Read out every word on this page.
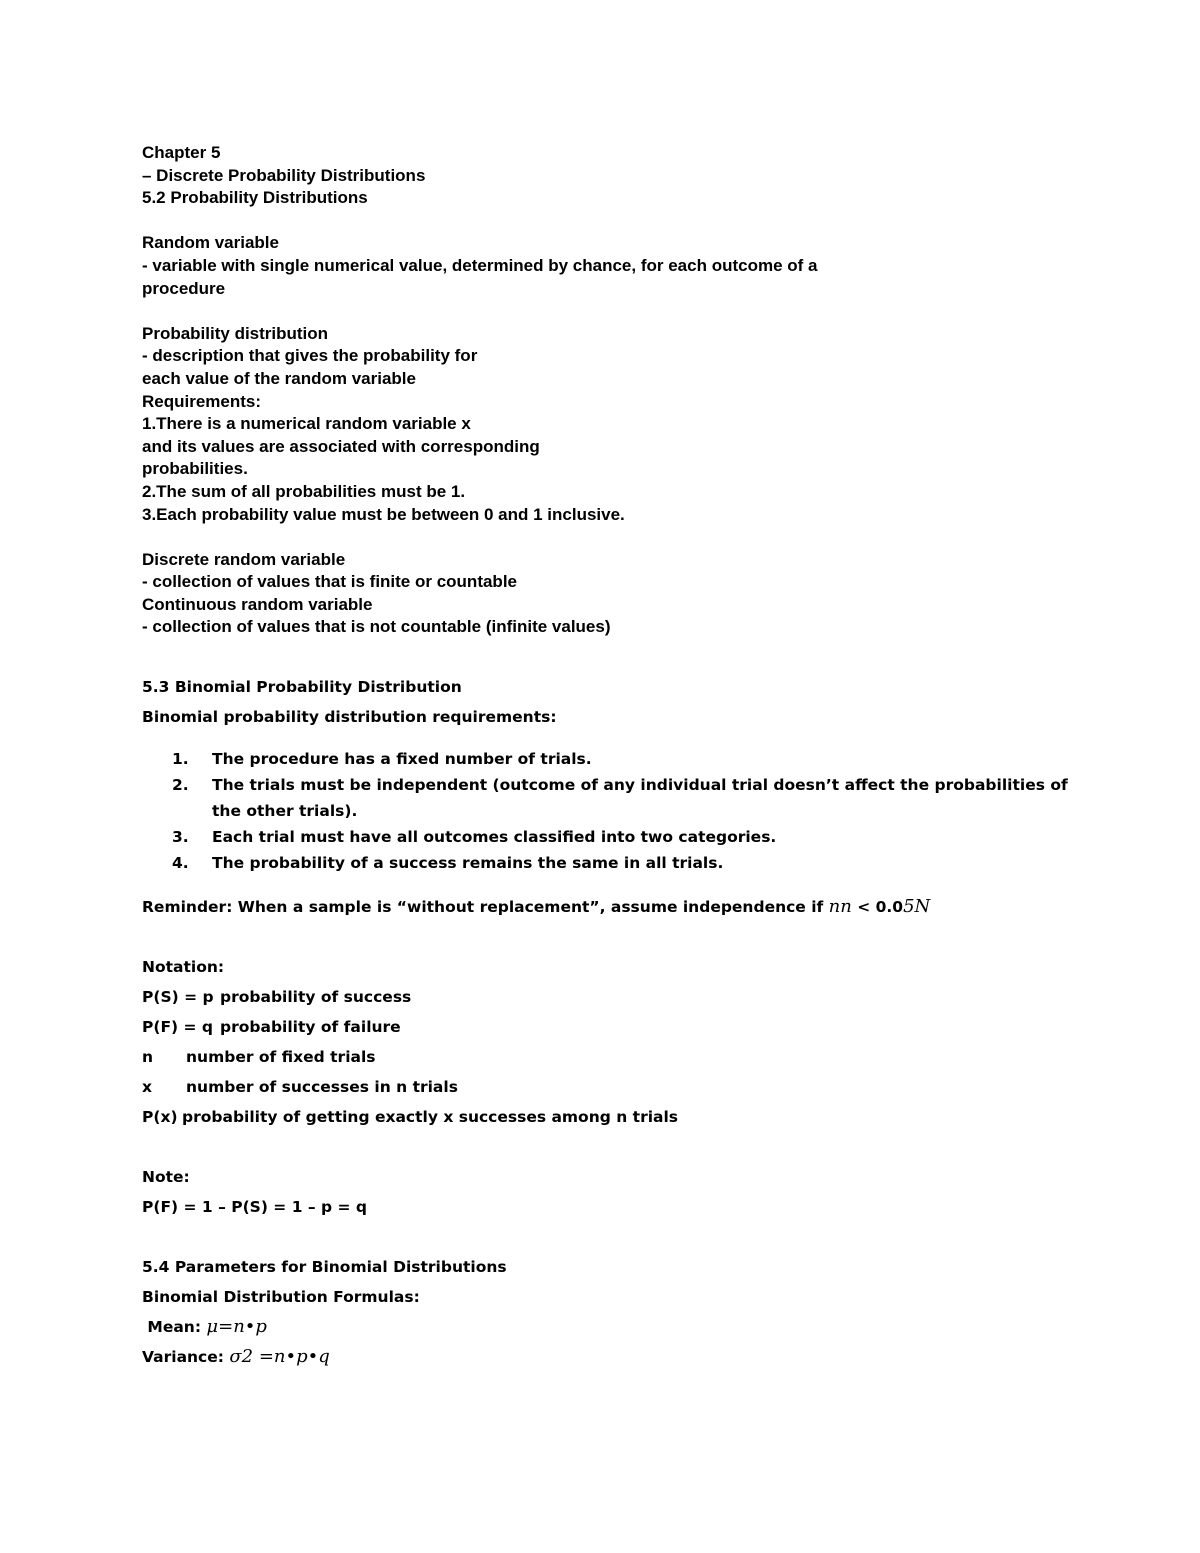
Chapter 5
– Discrete Probability Distributions
5.2 Probability Distributions
Random variable
- variable with single numerical value, determined by chance, for each outcome of a
procedure
Probability distribution
- description that gives the probability for
each value of the random variable
Requirements:
1.There is a numerical random variable x
and its values are associated with corresponding
probabilities.
2.The sum of all probabilities must be 1.
3.Each probability value must be between 0 and 1 inclusive.
Discrete random variable
- collection of values that is finite or countable
Continuous random variable
- collection of values that is not countable (infinite values)
5.3 Binomial Probability Distribution
Binomial probability distribution requirements:
1.	The procedure has a fixed number of trials.
2.	The trials must be independent (outcome of any individual trial doesn’t affect the probabilities of the other trials).
3.	Each trial must have all outcomes classified into two categories.
4.	The probability of a success remains the same in all trials.
Reminder: When a sample is “without replacement”, assume independence if nn < 0.05N
Notation:
P(S) = p probability of success
P(F) = q probability of failure
n	number of fixed trials
x	number of successes in n trials
P(x) probability of getting exactly x successes among n trials
Note:
P(F) = 1 – P(S) = 1 – p = q
5.4 Parameters for Binomial Distributions
Binomial Distribution Formulas:
Mean: μ=n•p
Variance: σ2 =n•p•q
